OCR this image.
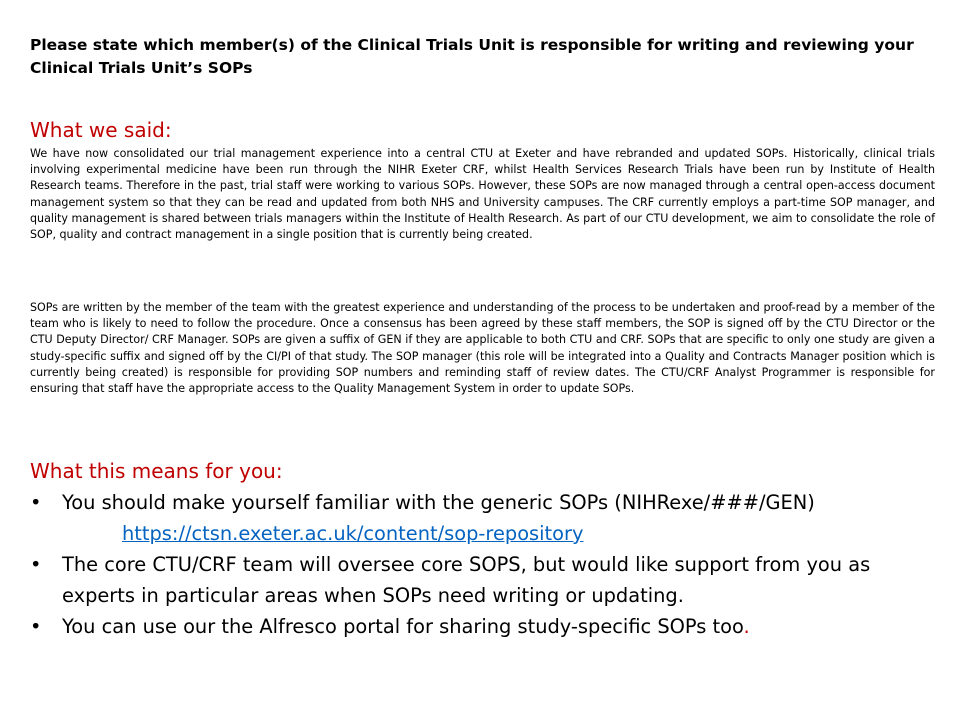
Please state which member(s) of the Clinical Trials Unit is responsible for writing and reviewing your Clinical Trials Unit’s SOPs
What we said:
We have now consolidated our trial management experience into a central CTU at Exeter and have rebranded and updated SOPs. Historically, clinical trials involving experimental medicine have been run through the NIHR Exeter CRF, whilst Health Services Research Trials have been run by Institute of Health Research teams. Therefore in the past, trial staff were working to various SOPs. However, these SOPs are now managed through a central open-access document management system so that they can be read and updated from both NHS and University campuses. The CRF currently employs a part-time SOP manager, and quality management is shared between trials managers within the Institute of Health Research. As part of our CTU development, we aim to consolidate the role of SOP, quality and contract management in a single position that is currently being created.
SOPs are written by the member of the team with the greatest experience and understanding of the process to be undertaken and proof-read by a member of the team who is likely to need to follow the procedure. Once a consensus has been agreed by these staff members, the SOP is signed off by the CTU Director or the CTU Deputy Director/ CRF Manager. SOPs are given a suffix of GEN if they are applicable to both CTU and CRF. SOPs that are specific to only one study are given a study-specific suffix and signed off by the CI/PI of that study. The SOP manager (this role will be integrated into a Quality and Contracts Manager position which is currently being created) is responsible for providing SOP numbers and reminding staff of review dates. The CTU/CRF Analyst Programmer is responsible for ensuring that staff have the appropriate access to the Quality Management System in order to update SOPs.
What this means for you:
•	You should make yourself familiar with the generic SOPs (NIHRexe/###/GEN)
https://ctsn.exeter.ac.uk/content/sop-repository
•	The core CTU/CRF team will oversee core SOPS, but would like support from you as experts in particular areas when SOPs need writing or updating.
•	You can use our the Alfresco portal for sharing study-specific SOPs too.
